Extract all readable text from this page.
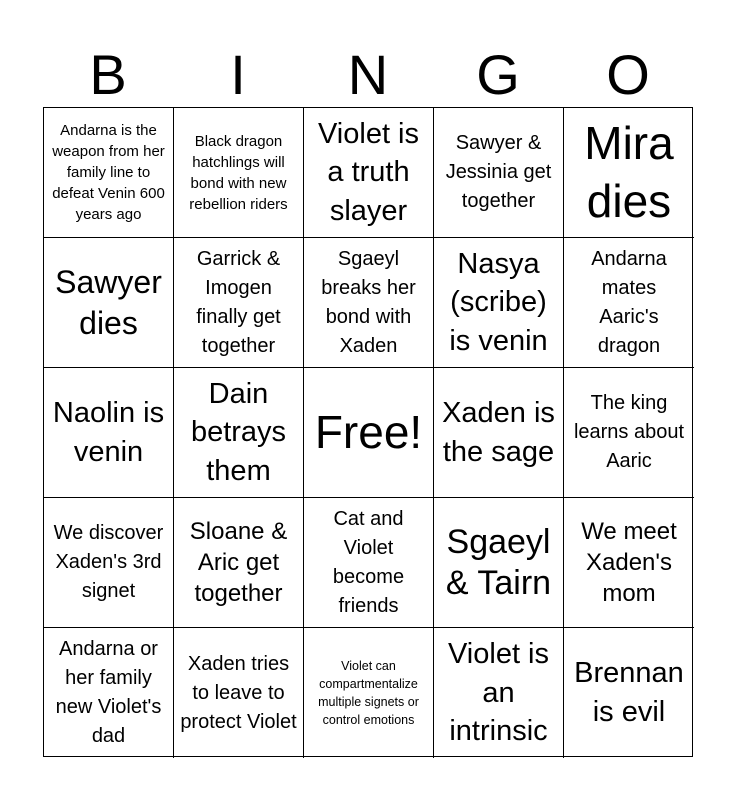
B	I	N	G	O
Andarna is the weapon from her family line to defeat Venin 600 years ago
Black dragon hatchlings will bond with new rebellion riders
Violet is a truth slayer
Sawyer & Jessinia get together
Mira dies
Sawyer dies
Garrick & Imogen finally get together
Sgaeyl breaks her bond with Xaden
Nasya (scribe) is venin
Andarna mates Aaric's dragon
Naolin is venin
Dain betrays them
Free! Xaden is the sage
The king learns about Aaric
We discover Xaden's 3rd signet
Sloane & Aric get together
Cat and Violet become friends
Sgaeyl & Tairn
We meet Xaden's mom
Andarna or her family new Violet's dad
Xaden tries to leave to protect Violet
Violet can compartmentalize multiple signets or control emotions
Violet is an intrinsic
Brennan is evil
